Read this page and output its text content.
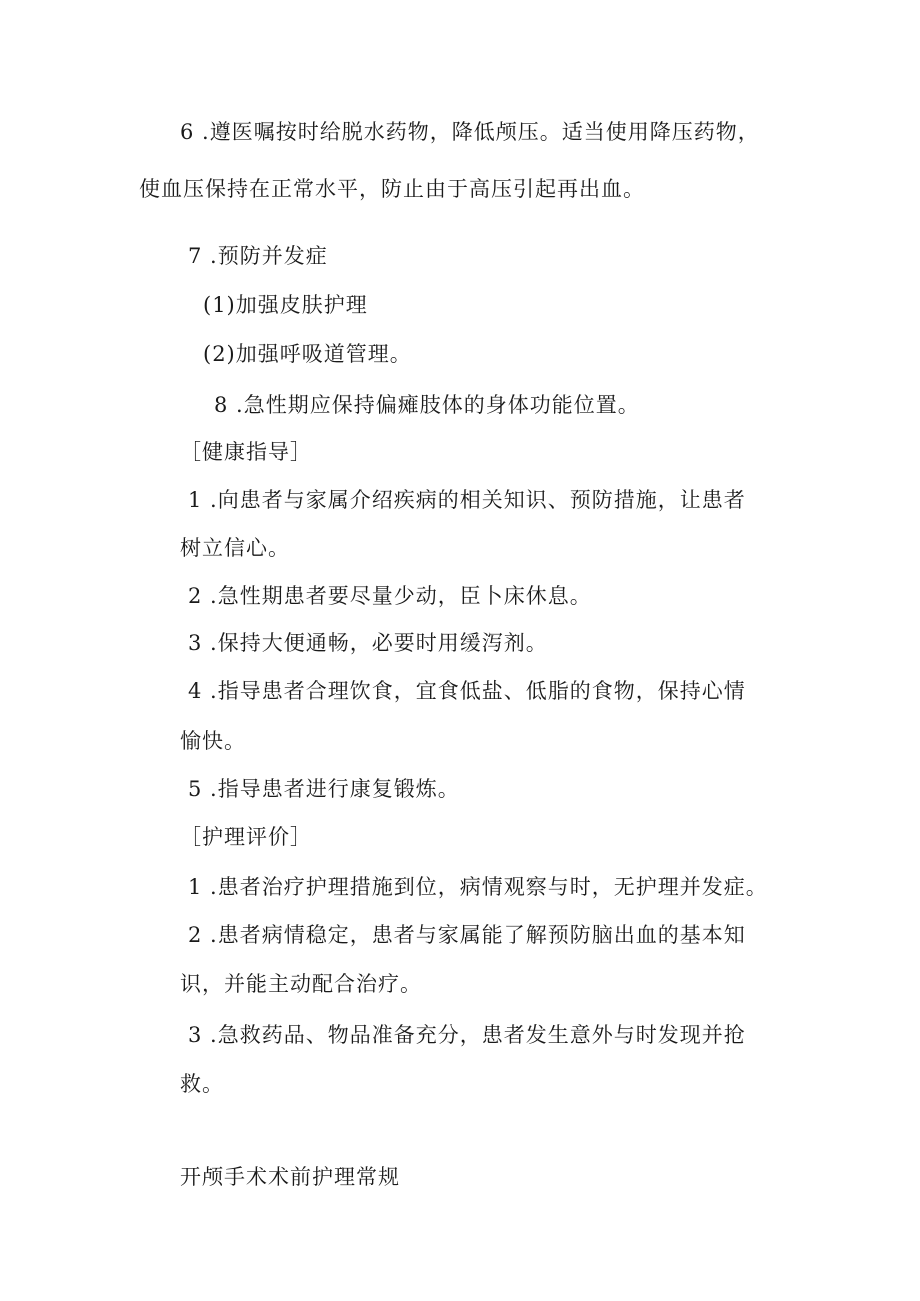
6 .遵医嘱按时给脱水药物，降低颅压。适当使用降压药物，
使血压保持在正常水平，防止由于高压引起再出血。
7 .预防并发症
(1)加强皮肤护理
(2)加强呼吸道管理。
8 .急性期应保持偏瘫肢体的身体功能位置。
［健康指导］
1 .向患者与家属介绍疾病的相关知识、预防措施，让患者
树立信心。
2 .急性期患者要尽量少动，臣卜床休息。
3 .保持大便通畅，必要时用缓泻剂。
4 .指导患者合理饮食，宜食低盐、低脂的食物，保持心情
愉快。
5 .指导患者进行康复锻炼。
［护理评价］
1 .患者治疗护理措施到位，病情观察与时，无护理并发症。
2 .患者病情稳定，患者与家属能了解预防脑出血的基本知
识，并能主动配合治疗。
3 .急救药品、物品准备充分，患者发生意外与时发现并抢
救。
开颅手术术前护理常规
